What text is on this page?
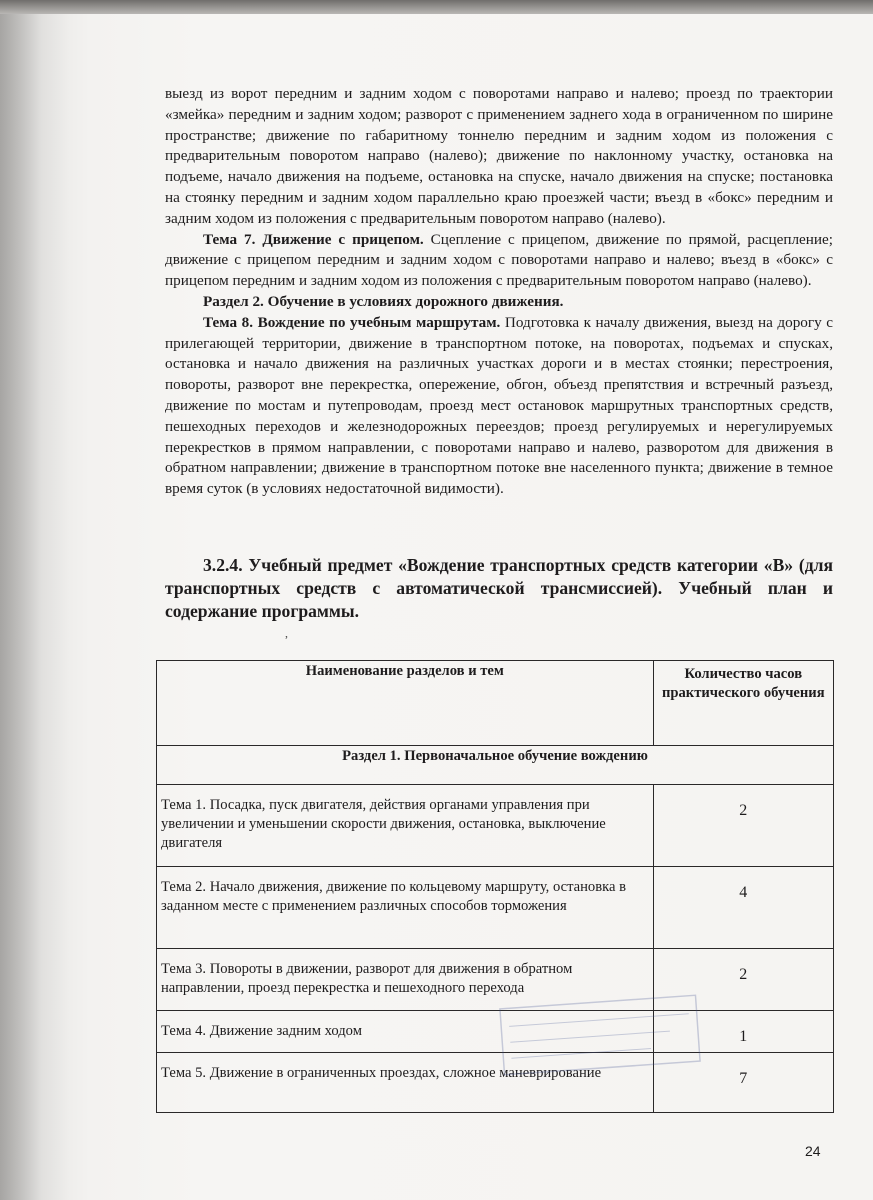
выезд из ворот передним и задним ходом с поворотами направо и налево; проезд по траектории «змейка» передним и задним ходом; разворот с применением заднего хода в ограниченном по ширине пространстве; движение по габаритному тоннелю передним и задним ходом из положения с предварительным поворотом направо (налево); движение по наклонному участку, остановка на подъеме, начало движения на подъеме, остановка на спуске, начало движения на спуске; постановка на стоянку передним и задним ходом параллельно краю проезжей части; въезд в «бокс» передним и задним ходом из положения с предварительным поворотом направо (налево).

Тема 7. Движение с прицепом. Сцепление с прицепом, движение по прямой, расцепление; движение с прицепом передним и задним ходом с поворотами направо и налево; въезд в «бокс» с прицепом передним и задним ходом из положения с предварительным поворотом направо (налево).

Раздел 2. Обучение в условиях дорожного движения.

Тема 8. Вождение по учебным маршрутам. Подготовка к началу движения, выезд на дорогу с прилегающей территории, движение в транспортном потоке, на поворотах, подъемах и спусках, остановка и начало движения на различных участках дороги и в местах стоянки; перестроения, повороты, разворот вне перекрестка, опережение, обгон, объезд препятствия и встречный разъезд, движение по мостам и путепроводам, проезд мест остановок маршрутных транспортных средств, пешеходных переходов и железнодорожных переездов; проезд регулируемых и нерегулируемых перекрестков в прямом направлении, с поворотами направо и налево, разворотом для движения в обратном направлении; движение в транспортном потоке вне населенного пункта; движение в темное время суток (в условиях недостаточной видимости).

3.2.4. Учебный предмет «Вождение транспортных средств категории «В» (для транспортных средств с автоматической трансмиссией). Учебный план и содержание программы.
,
Наименование разделов и тем	Количество часов практического обучения
Раздел 1. Первоначальное обучение вождению	
Тема 1. Посадка, пуск двигателя, действия органами управления при увеличении и уменьшении скорости движения, остановка, выключение двигателя	2
Тема 2. Начало движения, движение по кольцевому маршруту, остановка в заданном месте с применением различных способов торможения	4
Тема 3. Повороты в движении, разворот для движения в обратном направлении, проезд перекрестка и пешеходного перехода	2
Тема 4. Движение задним ходом	1
Тема 5. Движение в ограниченных проездах, сложное маневрирование	7
24
